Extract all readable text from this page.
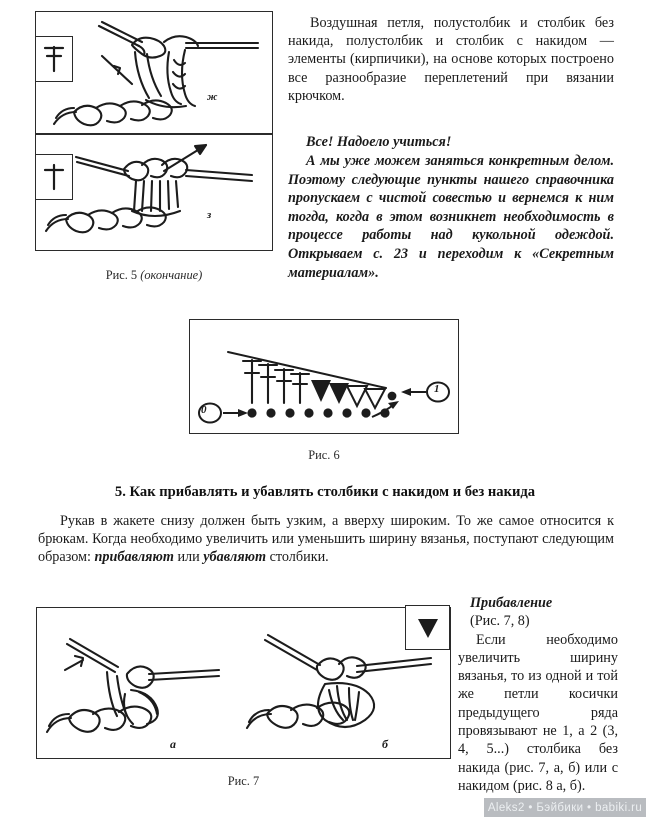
ж
з
Рис. 5 (окончание)
Воздушная петля, полустолбик и столбик без накида, полустолбик и столбик с накидом — элементы (кирпичики), на основе которых построено все разнообразие переплетений при вязании крючком.
Все! Надоело учиться!
А мы уже можем заняться конкретным делом. Поэтому следующие пункты нашего справочника пропускаем с чистой совестью и вернемся к ним тогда, когда в этом возникнет необходимость в процессе работы над кукольной одеждой. Открываем с. 23 и переходим к «Секретным материалам».
0
1
Рис. 6
5. Как прибавлять и убавлять столбики с накидом и без накида
Рукав в жакете снизу должен быть узким, а вверху широким. То же самое относится к брюкам. Когда необходимо увеличить или уменьшить ширину вязанья, поступают следующим образом: прибавляют или убавляют столбики.
а	б
Рис. 7
Прибавление
(Рис. 7, 8)
Если необходимо увеличить ширину вязанья, то из одной и той же петли косички предыдущего ряда провязывают не 1, а 2 (3, 4, 5...) столбика без накида (рис. 7, а, б) или с накидом (рис. 8 а, б).
Aleks2 • Бэйбики • babiki.ru
